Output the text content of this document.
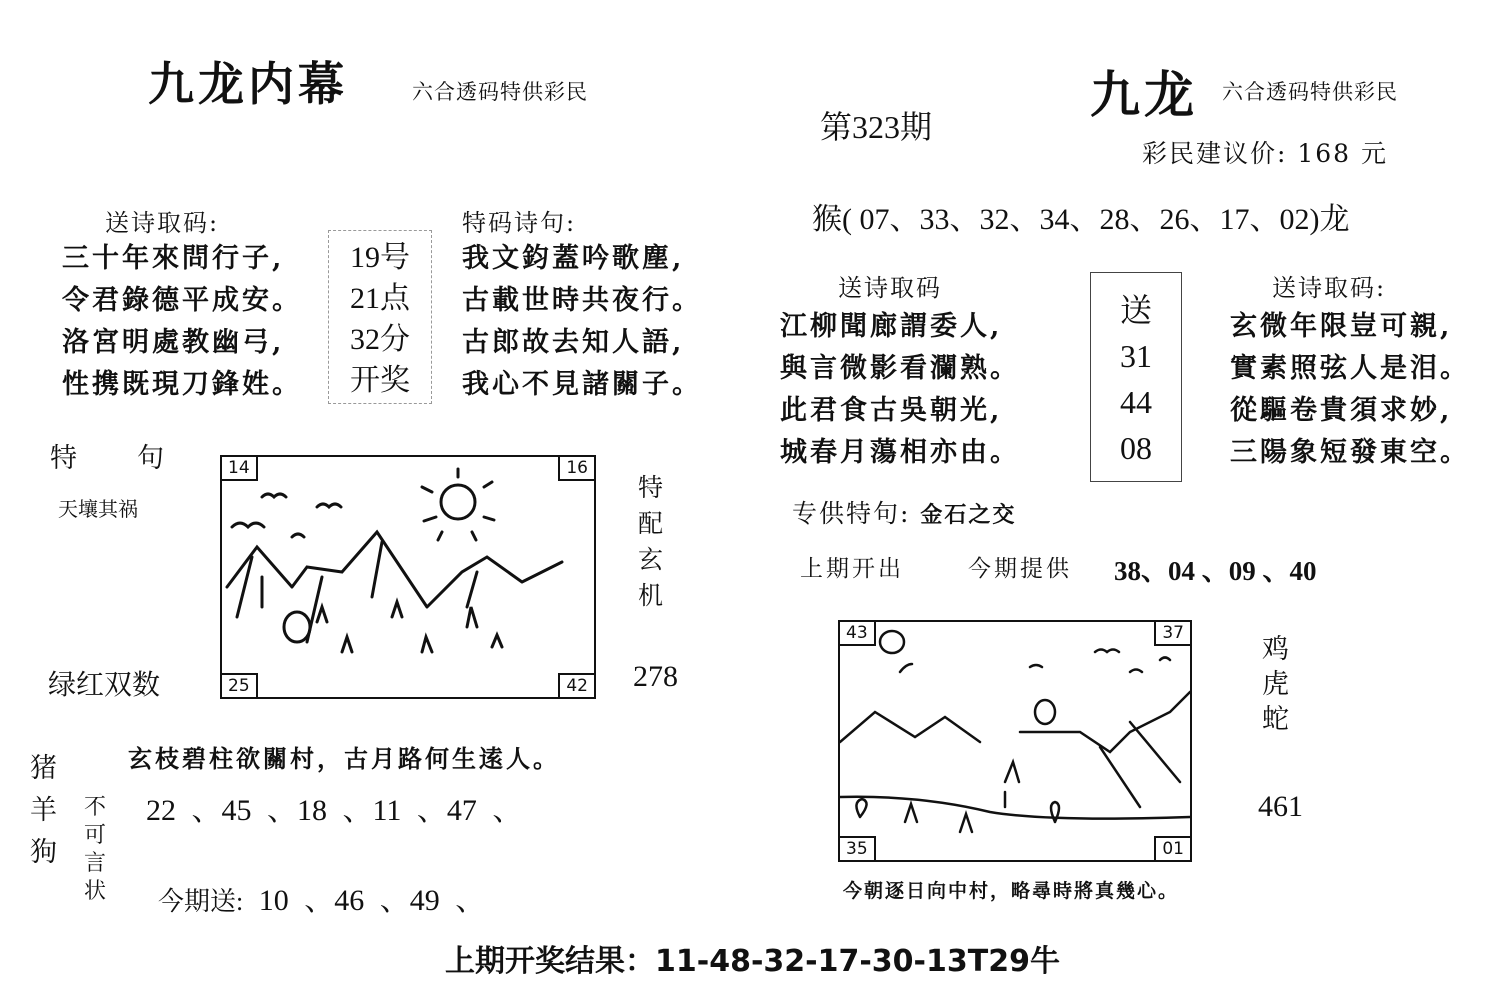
九龙内幕	六合透码特供彩民
送诗取码:
三十年來問行子,
令君錄德平成安。
洛宮明處教幽弓,
性携既現刀鋒姓。
19号
21点
32分
开奖
特码诗句:
我文鈞蓋吟歌塵,
古載世時共夜行。
古郎故去知人語,
我心不見諸關子。
特　　句
天壤其祸
14	16
25	42
特
配
玄
机
278
绿红双数
玄枝碧柱欲關村，古月路何生逺人。
猪
羊
狗
不
可
言
状
22 、45 、18 、11 、47 、
今期送: 10 、46 、49 、
第323期
九龙 六合透码特供彩民
彩民建议价: 168 元
猴( 07、33、32、34、28、26、17、02)龙
送诗取码
江柳聞廊謂委人,
與言微影看瀾熟。
此君食古吳朝光,
城春月蕩相亦由。
送
31
44
08
送诗取码:
玄微年限豈可親,
實素照弦人是泪。
從驅卷貴須求妙,
三陽象短發東空。
专供特句: 金石之交
上期开出	今期提供 38、04 、09 、40
43	37
35	01
鸡
虎
蛇
461
今朝逐日向中村，略尋時將真幾心。
上期开奖结果：11-48-32-17-30-13T29牛
